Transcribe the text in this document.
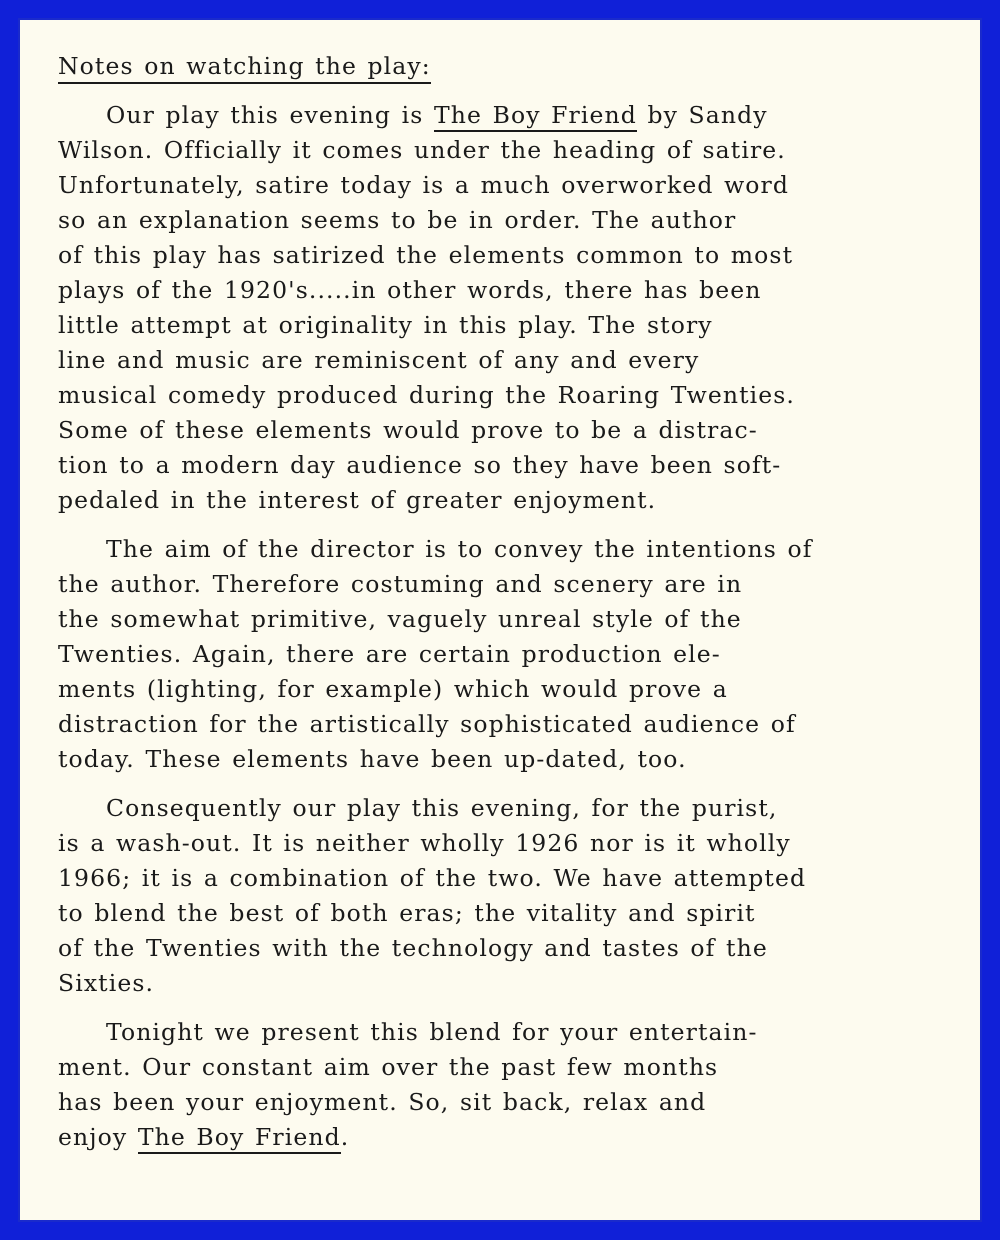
Notes on watching the play:
Our play this evening is The Boy Friend by Sandy
Wilson. Officially it comes under the heading of satire.
Unfortunately, satire today is a much overworked word
so an explanation seems to be in order. The author
of this play has satirized the elements common to most
plays of the 1920's.....in other words, there has been
little attempt at originality in this play. The story
line and music are reminiscent of any and every
musical comedy produced during the Roaring Twenties.
Some of these elements would prove to be a distrac-
tion to a modern day audience so they have been soft-
pedaled in the interest of greater enjoyment.
The aim of the director is to convey the intentions of
the author. Therefore costuming and scenery are in
the somewhat primitive, vaguely unreal style of the
Twenties. Again, there are certain production ele-
ments (lighting, for example) which would prove a
distraction for the artistically sophisticated audience of
today. These elements have been up-dated, too.
Consequently our play this evening, for the purist,
is a wash-out. It is neither wholly 1926 nor is it wholly
1966; it is a combination of the two. We have attempted
to blend the best of both eras; the vitality and spirit
of the Twenties with the technology and tastes of the
Sixties.
Tonight we present this blend for your entertain-
ment. Our constant aim over the past few months
has been your enjoyment. So, sit back, relax and
enjoy The Boy Friend.
